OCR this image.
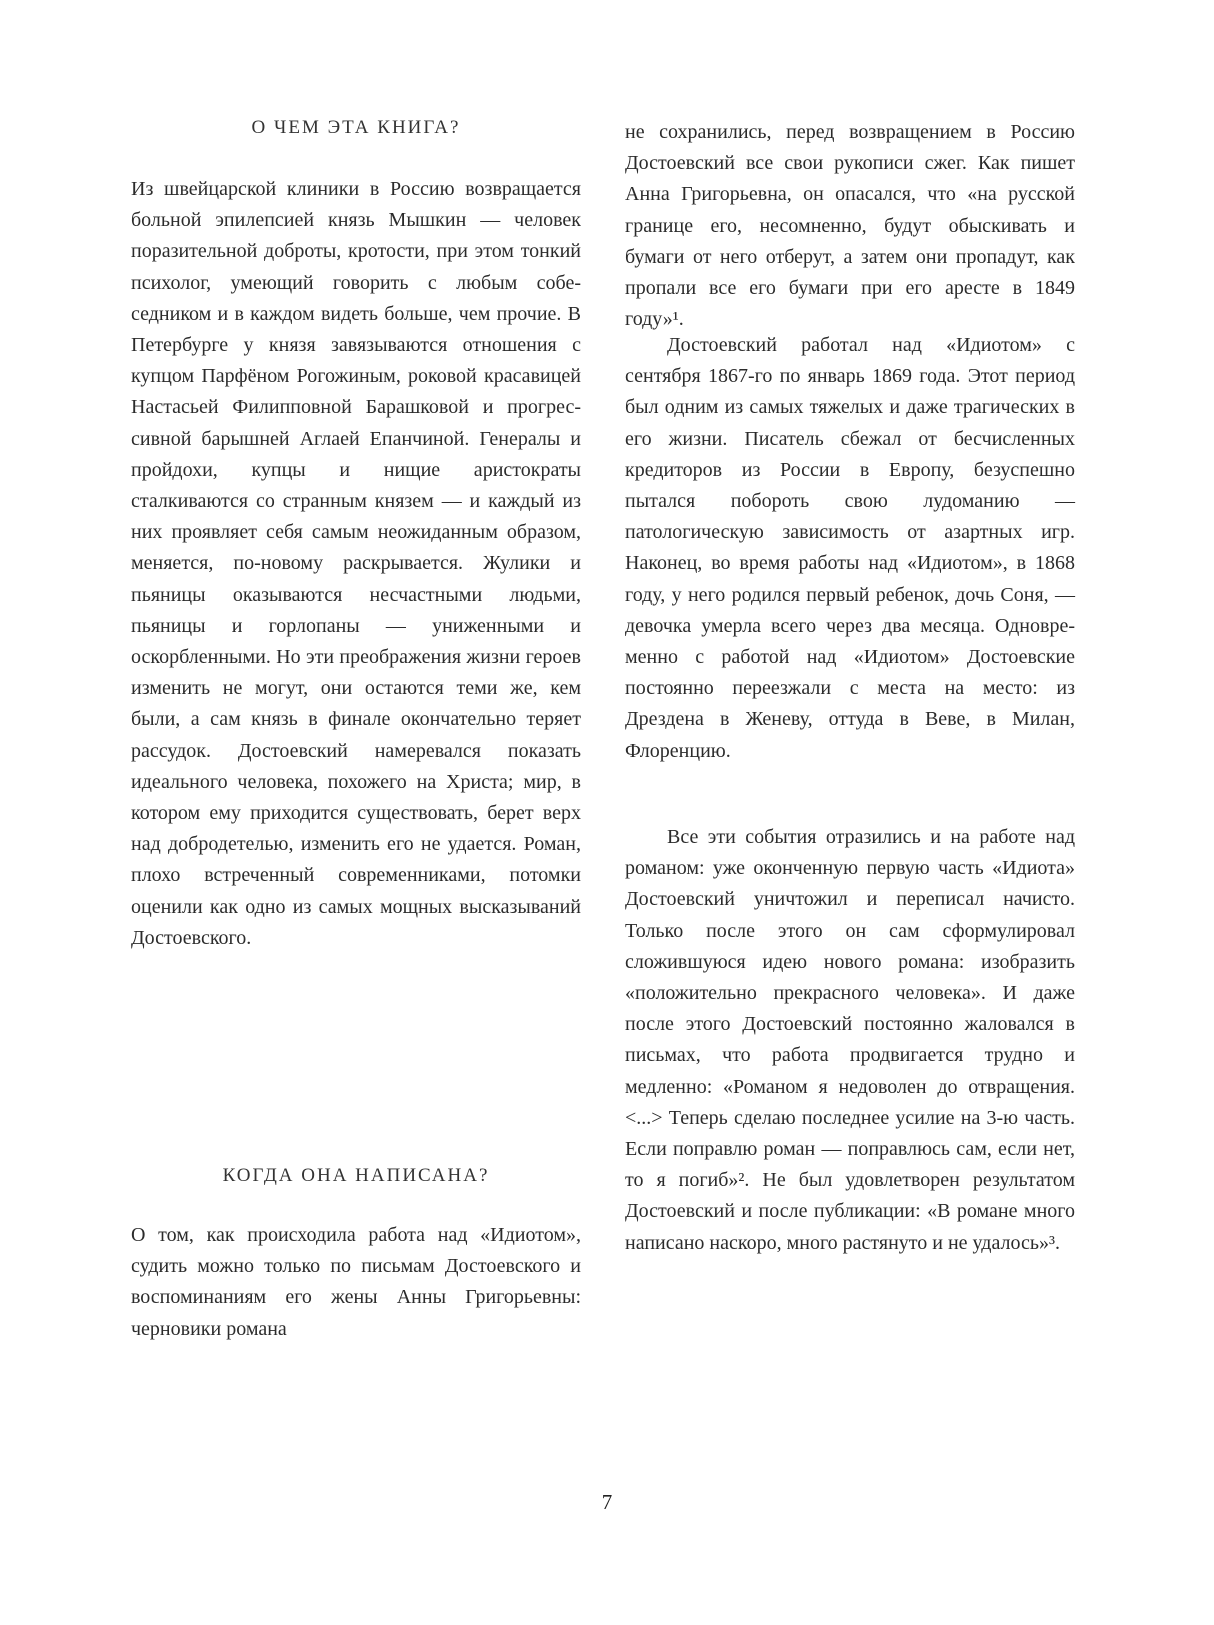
О ЧЕМ ЭТА КНИГА?

Из швейцарской клиники в Россию возвращается больной эпилепсией князь Мышкин — человек поразительной доброты, кротости, при этом тонкий психолог, умеющий говорить с любым собеседником и в каждом видеть больше, чем прочие. В Петербурге у князя завязываются отношения с купцом Парфёном Рогожиным, роковой красавицей Настасьей Филипповной Барашковой и прогрессивной барышней Аглаей Епанчиной. Генералы и пройдохи, купцы и нищие аристократы сталкиваются со странным князем — и каждый из них проявляет себя самым неожиданным образом, меняется, по-новому раскрывается. Жулики и пьяницы оказываются несчастными людьми, пьяницы и горлопаны — униженными и оскорбленными. Но эти преображения жизни героев изменить не могут, они остаются теми же, кем были, а сам князь в финале окончательно теряет рассудок. Достоевский намеревался показать идеального человека, похожего на Христа; мир, в котором ему приходится существовать, берет верх над добродетелью, изменить его не удается. Роман, плохо встреченный современниками, потомки оценили как одно из самых мощных высказываний Достоевского.

КОГДА ОНА НАПИСАНА?

О том, как происходила работа над «Идиотом», судить можно только по письмам Достоевского и воспоминаниям его жены Анны Григорьевны: черновики романа

не сохранились, перед возвращением в Россию Достоевский все свои рукописи сжег. Как пишет Анна Григорьевна, он опасался, что «на русской границе его, несомненно, будут обыскивать и бумаги от него отберут, а затем они пропадут, как пропали все его бумаги при его аресте в 1849 году»¹.

Достоевский работал над «Идиотом» с сентября 1867-го по январь 1869 года. Этот период был одним из самых тяжелых и даже трагических в его жизни. Писатель сбежал от бесчисленных кредиторов из России в Европу, безуспешно пытался побороть свою лудоманию — патологическую зависимость от азартных игр. Наконец, во время работы над «Идиотом», в 1868 году, у него родился первый ребенок, дочь Соня, — девочка умерла всего через два месяца. Одновременно с работой над «Идиотом» Достоевские постоянно переезжали с места на место: из Дрездена в Женеву, оттуда в Веве, в Милан, Флоренцию.

Все эти события отразились и на работе над романом: уже оконченную первую часть «Идиота» Достоевский уничтожил и переписал начисто. Только после этого он сам сформулировал сложившуюся идею нового романа: изобразить «положительно прекрасного человека». И даже после этого Достоевский постоянно жаловался в письмах, что работа продвигается трудно и медленно: «Романом я недоволен до отвращения. <...> Теперь сделаю последнее усилие на 3-ю часть. Если поправлю роман — поправлюсь сам, если нет, то я погиб»². Не был удовлетворен результатом Достоевский и после публикации: «В романе много написано наскоро, много растянуто и не удалось»³.

7
